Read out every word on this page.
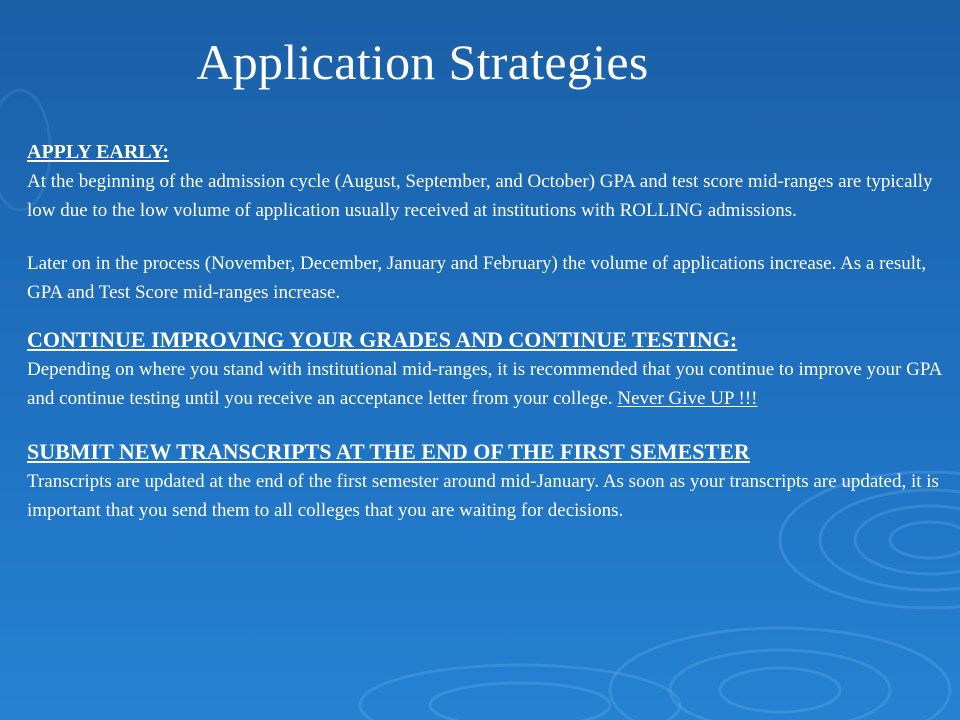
Application Strategies
APPLY EARLY:

At the beginning of the admission cycle (August, September, and October) GPA and test score mid-ranges are typically low due to the low volume of application usually received at institutions with ROLLING admissions.

Later on in the process (November, December, January and February) the volume of applications increase. As a result, GPA and Test Score mid-ranges increase.

CONTINUE IMPROVING YOUR GRADES AND CONTINUE TESTING:

Depending on where you stand with institutional mid-ranges, it is recommended that you continue to improve your GPA and continue testing until you receive an acceptance letter from your college. Never Give UP !!!

SUBMIT NEW TRANSCRIPTS AT THE END OF THE FIRST SEMESTER

Transcripts are updated at the end of the first semester around mid-January. As soon as your transcripts are updated, it is important that you send them to all colleges that you are waiting for decisions.
